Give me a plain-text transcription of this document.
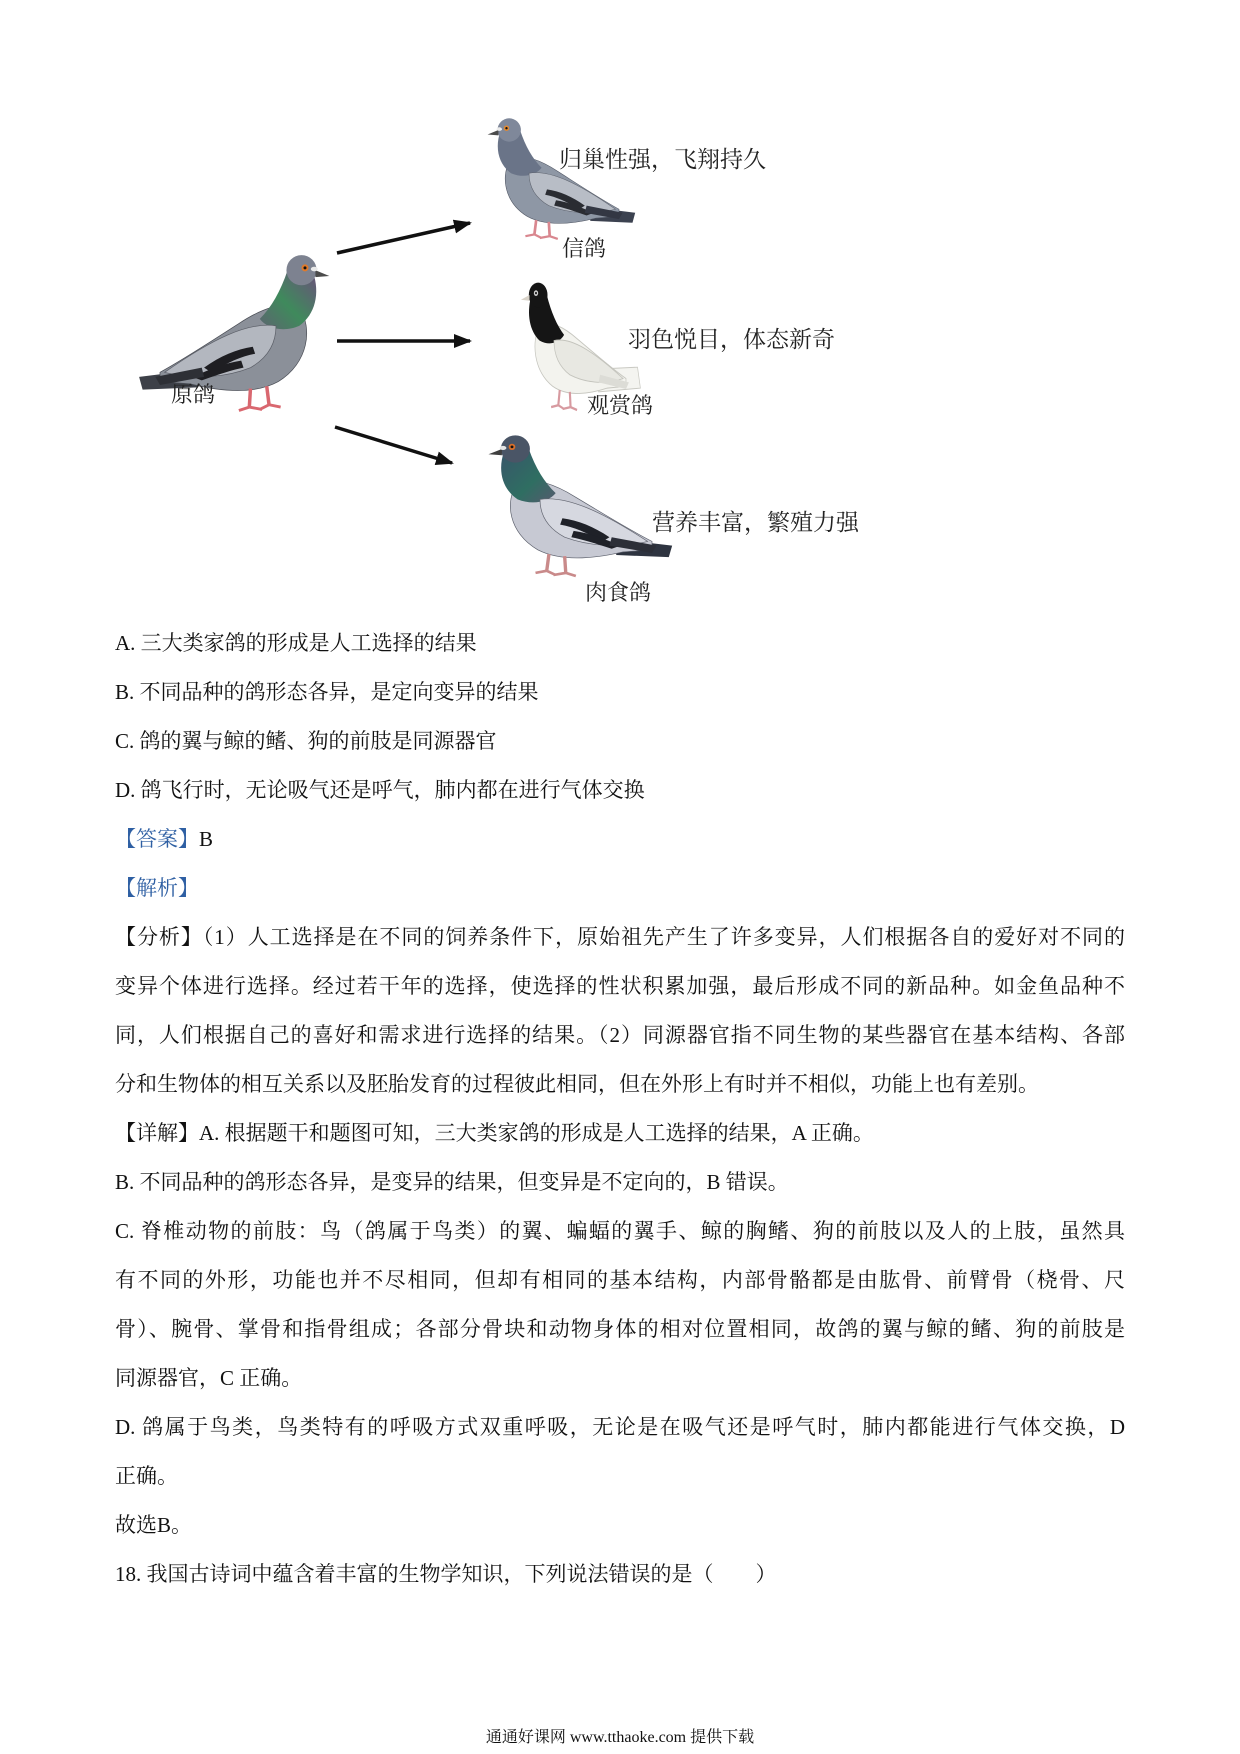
原鸽
归巢性强，飞翔持久
信鸽
羽色悦目，体态新奇
观赏鸽
营养丰富，繁殖力强
肉食鸽
A. 三大类家鸽的形成是人工选择的结果
B. 不同品种的鸽形态各异，是定向变异的结果
C. 鸽的翼与鲸的鳍、狗的前肢是同源器官
D. 鸽飞行时，无论吸气还是呼气，肺内都在进行气体交换
【答案】B
【解析】
【分析】（1）人工选择是在不同的饲养条件下，原始祖先产生了许多变异，人们根据各自的爱好对不同的
变异个体进行选择。经过若干年的选择，使选择的性状积累加强，最后形成不同的新品种。如金鱼品种不
同，人们根据自己的喜好和需求进行选择的结果。（2）同源器官指不同生物的某些器官在基本结构、各部
分和生物体的相互关系以及胚胎发育的过程彼此相同，但在外形上有时并不相似，功能上也有差别。
【详解】A. 根据题干和题图可知，三大类家鸽的形成是人工选择的结果，A 正确。
B. 不同品种的鸽形态各异，是变异的结果，但变异是不定向的，B 错误。
C. 脊椎动物的前肢：鸟（鸽属于鸟类）的翼、蝙蝠的翼手、鲸的胸鳍、狗的前肢以及人的上肢，虽然具
有不同的外形，功能也并不尽相同，但却有相同的基本结构，内部骨骼都是由肱骨、前臂骨（桡骨、尺
骨）、腕骨、掌骨和指骨组成；各部分骨块和动物身体的相对位置相同，故鸽的翼与鲸的鳍、狗的前肢是
同源器官，C 正确。
D. 鸽属于鸟类，鸟类特有的呼吸方式双重呼吸，无论是在吸气还是呼气时，肺内都能进行气体交换，D
正确。
故选B。
18. 我国古诗词中蕴含着丰富的生物学知识，下列说法错误的是（　　）
通通好课网 www.tthaoke.com 提供下载
